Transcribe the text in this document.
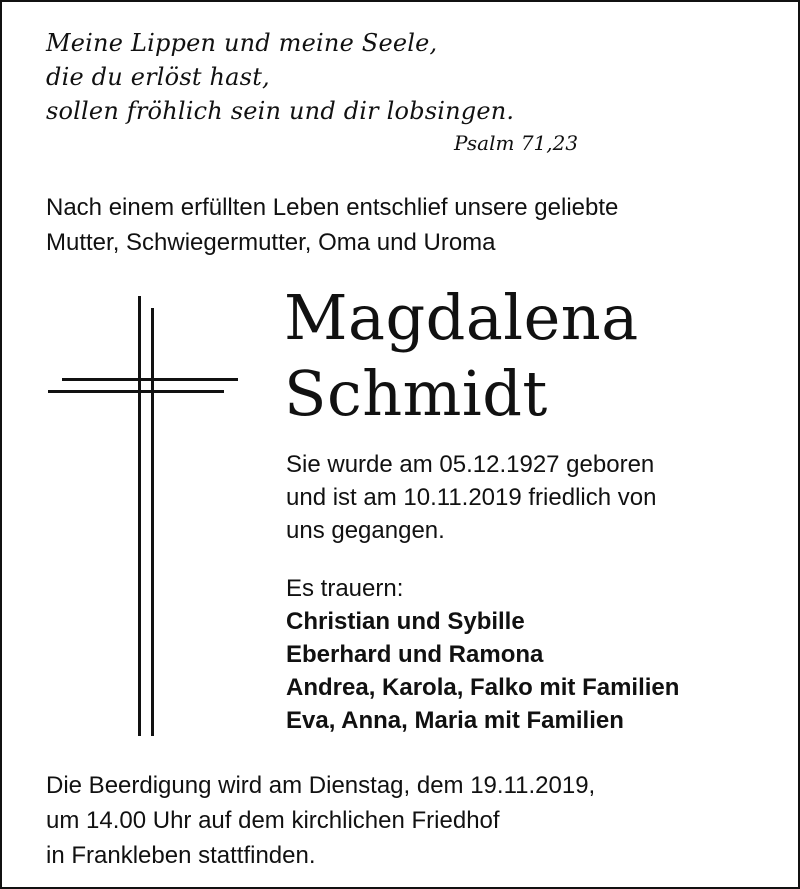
Meine Lippen und meine Seele,
die du erlöst hast,
sollen fröhlich sein und dir lobsingen.
Psalm 71,23
Nach einem erfüllten Leben entschlief unsere geliebte
Mutter, Schwiegermutter, Oma und Uroma
Magdalena
Schmidt
Sie wurde am 05.12.1927 geboren
und ist am 10.11.2019 friedlich von
uns gegangen.
Es trauern:
Christian und Sybille
Eberhard und Ramona
Andrea, Karola, Falko mit Familien
Eva, Anna, Maria mit Familien
Die Beerdigung wird am Dienstag, dem 19.11.2019,
um 14.00 Uhr auf dem kirchlichen Friedhof
in Frankleben stattfinden.
